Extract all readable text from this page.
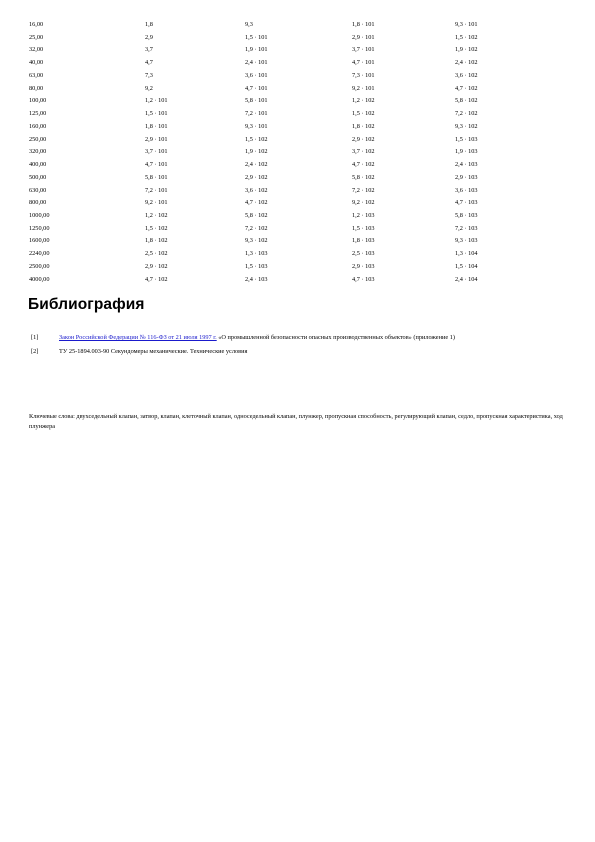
16,00	1,8	9,3	1,8 · 101	9,3 · 101
25,00	2,9	1,5 · 101	2,9 · 101	1,5 · 102
32,00	3,7	1,9 · 101	3,7 · 101	1,9 · 102
40,00	4,7	2,4 · 101	4,7 · 101	2,4 · 102
63,00	7,3	3,6 · 101	7,3 · 101	3,6 · 102
80,00	9,2	4,7 · 101	9,2 · 101	4,7 · 102
100,00	1,2 · 101	5,8 · 101	1,2 · 102	5,8 · 102
125,00	1,5 · 101	7,2 · 101	1,5 · 102	7,2 · 102
160,00	1,8 · 101	9,3 · 101	1,8 · 102	9,3 · 102
250,00	2,9 · 101	1,5 · 102	2,9 · 102	1,5 · 103
320,00	3,7 · 101	1,9 · 102	3,7 · 102	1,9 · 103
400,00	4,7 · 101	2,4 · 102	4,7 · 102	2,4 · 103
500,00	5,8 · 101	2,9 · 102	5,8 · 102	2,9 · 103
630,00	7,2 · 101	3,6 · 102	7,2 · 102	3,6 · 103
800,00	9,2 · 101	4,7 · 102	9,2 · 102	4,7 · 103
1000,00	1,2 · 102	5,8 · 102	1,2 · 103	5,8 · 103
1250,00	1,5 · 102	7,2 · 102	1,5 · 103	7,2 · 103
1600,00	1,8 · 102	9,3 · 102	1,8 · 103	9,3 · 103
2240,00	2,5 · 102	1,3 · 103	2,5 · 103	1,3 · 104
2500,00	2,9 · 102	1,5 · 103	2,9 · 103	1,5 · 104
4000,00	4,7 · 102	2,4 · 103	4,7 · 103	2,4 · 104
Библиография
[1]	Закон Российской Федерации № 116-ФЗ от 21 июля 1997 г. «О промышленной безопасности опасных производственных объектов» (приложение 1)
[2]	ТУ 25-1894.003-90 Секундомеры механические. Технические условия

Ключевые слова: двухседельный клапан, затвор, клапан, клеточный клапан, односедельный клапан, плунжер, пропускная способность, регулирующий клапан, седло, пропускная характеристика, ход плунжера
